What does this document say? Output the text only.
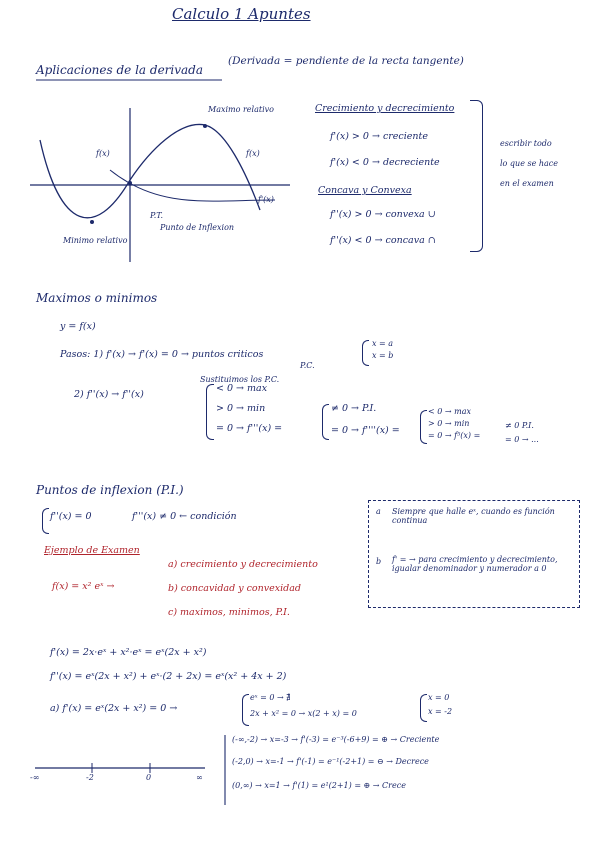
Calculo 1 Apuntes
Aplicaciones de la derivada
(Derivada = pendiente de la recta tangente)
Maximo relativo
Minimo relativo
f(x)	f(x)
f'(x)
P.T.
Punto de Inflexion
Crecimiento y decrecimiento
f'(x) > 0 → creciente
f'(x) < 0 → decreciente
Concava y Convexa
f''(x) > 0 → convexa ∪
f''(x) < 0 → concava ∩
escribir todo
lo que se hace
en el examen
Maximos o minimos
y = f(x)
Pasos: 1) f'(x) → f'(x) = 0 → puntos criticos
P.C.
x = a
x = b
Sustituimos los P.C.
2) f''(x) → f''(x)
< 0 → max
> 0 → min
= 0 → f'''(x) =
≠ 0 → P.I.
= 0 → f''''(x) =
< 0 → max
> 0 → min
= 0 → f⁵(x) =
≠ 0 P.I.
= 0 → ...
Puntos de inflexion (P.I.)
f''(x) = 0	f'''(x) ≠ 0 ← condición
Ejemplo de Examen
f(x) = x² eˣ →
a) crecimiento y decrecimiento
b) concavidad y convexidad
c) maximos, minimos, P.I.
a Siempre que halle eˣ, cuando es función continua
b f' = → para crecimiento y decrecimiento, igualar denominador y numerador a 0
f'(x) = 2x·eˣ + x²·eˣ = eˣ(2x + x²)
f''(x) = eˣ(2x + x²) + eˣ·(2 + 2x) = eˣ(x² + 4x + 2)
a) f'(x) = eˣ(2x + x²) = 0 →
eˣ = 0 → ∄
2x + x² = 0 → x(2 + x) = 0
x = 0
x = -2
-∞	-2	0	∞
(-∞,-2) → x=-3 → f'(-3) = e⁻³(-6+9) = ⊕ → Creciente
(-2,0) → x=-1 → f'(-1) = e⁻¹(-2+1) = ⊖ → Decrece
(0,∞) → x=1 → f'(1) = e¹(2+1) = ⊕ → Crece
